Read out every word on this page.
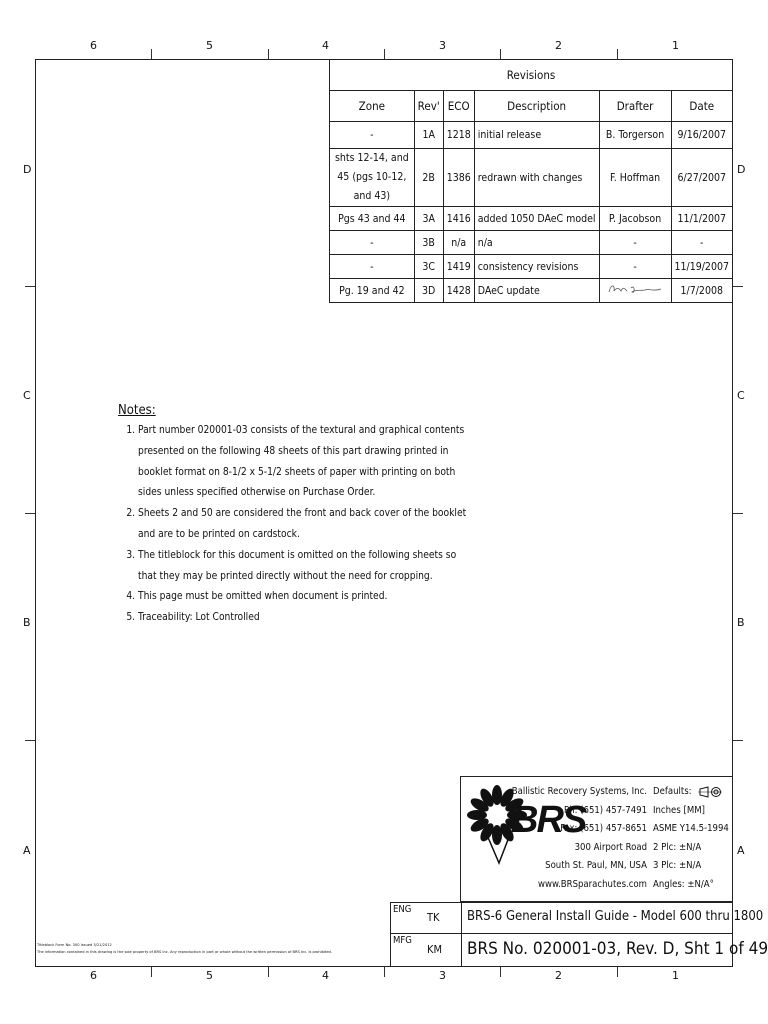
6	5	4	3	2	1
6	5	4	3	2	1
D
C
B
A
D
C
B
A
Revisions					
Zone	Rev'	ECO	Description	Drafter	Date
-	1A	1218	initial release	B. Torgerson	9/16/2007
shts 12-14, and 45 (pgs 10-12, and 43)	2B	1386	redrawn with changes	F. Hoffman	6/27/2007
Pgs 43 and 44	3A	1416	added 1050 DAeC model	P. Jacobson	11/1/2007
-	3B	n/a	n/a	-	-
-	3C	1419	consistency revisions	-	11/19/2007
Pg. 19 and 42	3D	1428	DAeC update		1/7/2008
Notes:
1. Part number 020001-03 consists of the textural and graphical contents presented on the following 48 sheets of this part drawing printed in booklet format on 8-1/2 x 5-1/2 sheets of paper with printing on both sides unless specified otherwise on Purchase Order.
2. Sheets 2 and 50 are considered the front and back cover of the booklet and are to be printed on cardstock.
3. The titleblock for this document is omitted on the following sheets so that they may be printed directly without the need for cropping.
4. This page must be omitted when document is printed.
5. Traceability: Lot Controlled
BRS
Ballistic Recovery Systems, Inc.
Ph: (651) 457-7491
Fax: (651) 457-8651
300 Airport Road
South St. Paul, MN, USA
www.BRSparachutes.com
Defaults:
Inches [MM]
ASME Y14.5-1994
2 Plc: ±N/A
3 Plc: ±N/A
Angles: ±N/A°
ENG
TK BRS-6 General Install Guide - Model 600 thru 1800
MFG
KM BRS No. 020001-03, Rev. D, Sht 1 of 49
Titleblock Form No. 300 Issued 3/21/2012
The information contained in this drawing is the sole property of BRS Inc. Any reproduction in part or whole without the written permission of BRS Inc. is prohibited.
